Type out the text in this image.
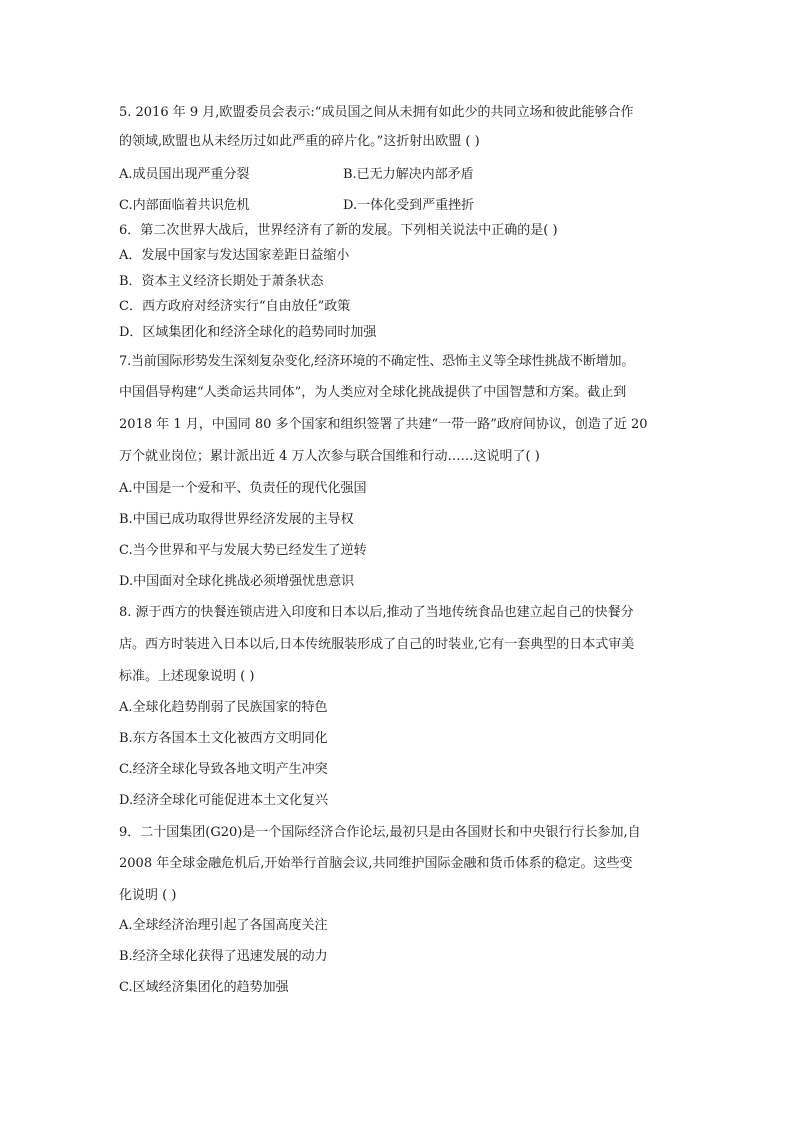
5. 2016 年 9 月,欧盟委员会表示:“成员国之间从未拥有如此少的共同立场和彼此能够合作
的领域,欧盟也从未经历过如此严重的碎片化。”这折射出欧盟 ( )
A.成员国出现严重分裂	B.已无力解决内部矛盾
C.内部面临着共识危机	D.一体化受到严重挫折
6．第二次世界大战后，世界经济有了新的发展。下列相关说法中正确的是( )
A．发展中国家与发达国家差距日益缩小
B．资本主义经济长期处于萧条状态
C．西方政府对经济实行“自由放任”政策
D．区域集团化和经济全球化的趋势同时加强
7.当前国际形势发生深刻复杂变化,经济环境的不确定性、恐怖主义等全球性挑战不断增加。
中国倡导构建“人类命运共同体”，为人类应对全球化挑战提供了中国智慧和方案。截止到
2018 年 1 月，中国同 80 多个国家和组织签署了共建“一带一路”政府间协议，创造了近 20
万个就业岗位；累计派出近 4 万人次参与联合国维和行动……这说明了( )
A.中国是一个爱和平、负责任的现代化强国
B.中国已成功取得世界经济发展的主导权
C.当今世界和平与发展大势已经发生了逆转
D.中国面对全球化挑战必须增强忧患意识
8. 源于西方的快餐连锁店进入印度和日本以后,推动了当地传统食品也建立起自己的快餐分
店。西方时装进入日本以后,日本传统服装形成了自己的时装业,它有一套典型的日本式审美
标准。上述现象说明 ( )
A.全球化趋势削弱了民族国家的特色
B.东方各国本土文化被西方文明同化
C.经济全球化导致各地文明产生冲突
D.经济全球化可能促进本土文化复兴
9．二十国集团(G20)是一个国际经济合作论坛,最初只是由各国财长和中央银行行长参加,自
2008 年全球金融危机后,开始举行首脑会议,共同维护国际金融和货币体系的稳定。这些变
化说明 ( )
A.全球经济治理引起了各国高度关注
B.经济全球化获得了迅速发展的动力
C.区域经济集团化的趋势加强
